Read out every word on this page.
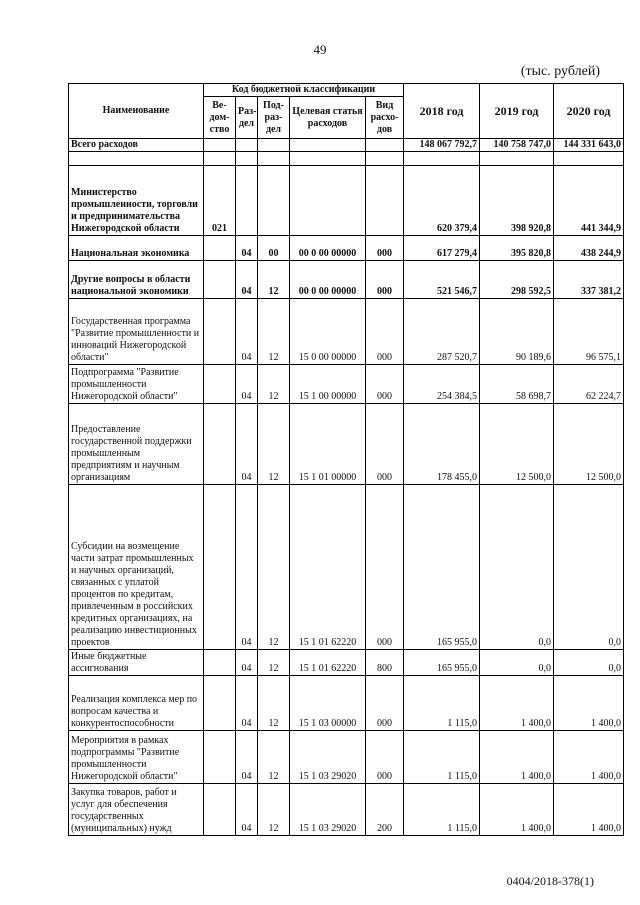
49
(тыс. рублей)
Наименование	Код бюджетной классификации					2018 год	2019 год	2020 год
	Ве-дом-ство	Раз-дел	Под-раз-дел	Целевая статья расходов	Вид расхо-дов			
Всего расходов						148 067 792,7	140 758 747,0	144 331 643,0

Министерство промышленности, торговли и предпринимательства Нижегородской области	021					620 379,4	398 920,8	441 344,9
Национальная экономика		04	00	00 0 00 00000	000	617 279,4	395 820,8	438 244,9
Другие вопросы в области национальной экономики		04	12	00 0 00 00000	000	521 546,7	298 592,5	337 381,2
Государственная программа "Развитие промышленности и инноваций Нижегородской области"		04	12	15 0 00 00000	000	287 520,7	90 189,6	96 575,1
Подпрограмма "Развитие промышленности Нижегородской области"		04	12	15 1 00 00000	000	254 384,5	58 698,7	62 224,7
Предоставление государственной поддержки промышленным предприятиям и научным организациям		04	12	15 1 01 00000	000	178 455,0	12 500,0	12 500,0
Субсидии на возмещение части затрат промышленных и научных организаций, связанных с уплатой процентов по кредитам, привлеченным в российских кредитных организациях, на реализацию инвестиционных проектов		04	12	15 1 01 62220	000	165 955,0	0,0	0,0
Иные бюджетные ассигнования		04	12	15 1 01 62220	800	165 955,0	0,0	0,0
Реализация комплекса мер по вопросам качества и конкурентоспособности		04	12	15 1 03 00000	000	1 115,0	1 400,0	1 400,0
Мероприятия в рамках подпрограммы "Развитие промышленности Нижегородской области"		04	12	15 1 03 29020	000	1 115,0	1 400,0	1 400,0
Закупка товаров, работ и услуг для обеспечения государственных (муниципальных) нужд		04	12	15 1 03 29020	200	1 115,0	1 400,0	1 400,0
0404/2018-378(1)
